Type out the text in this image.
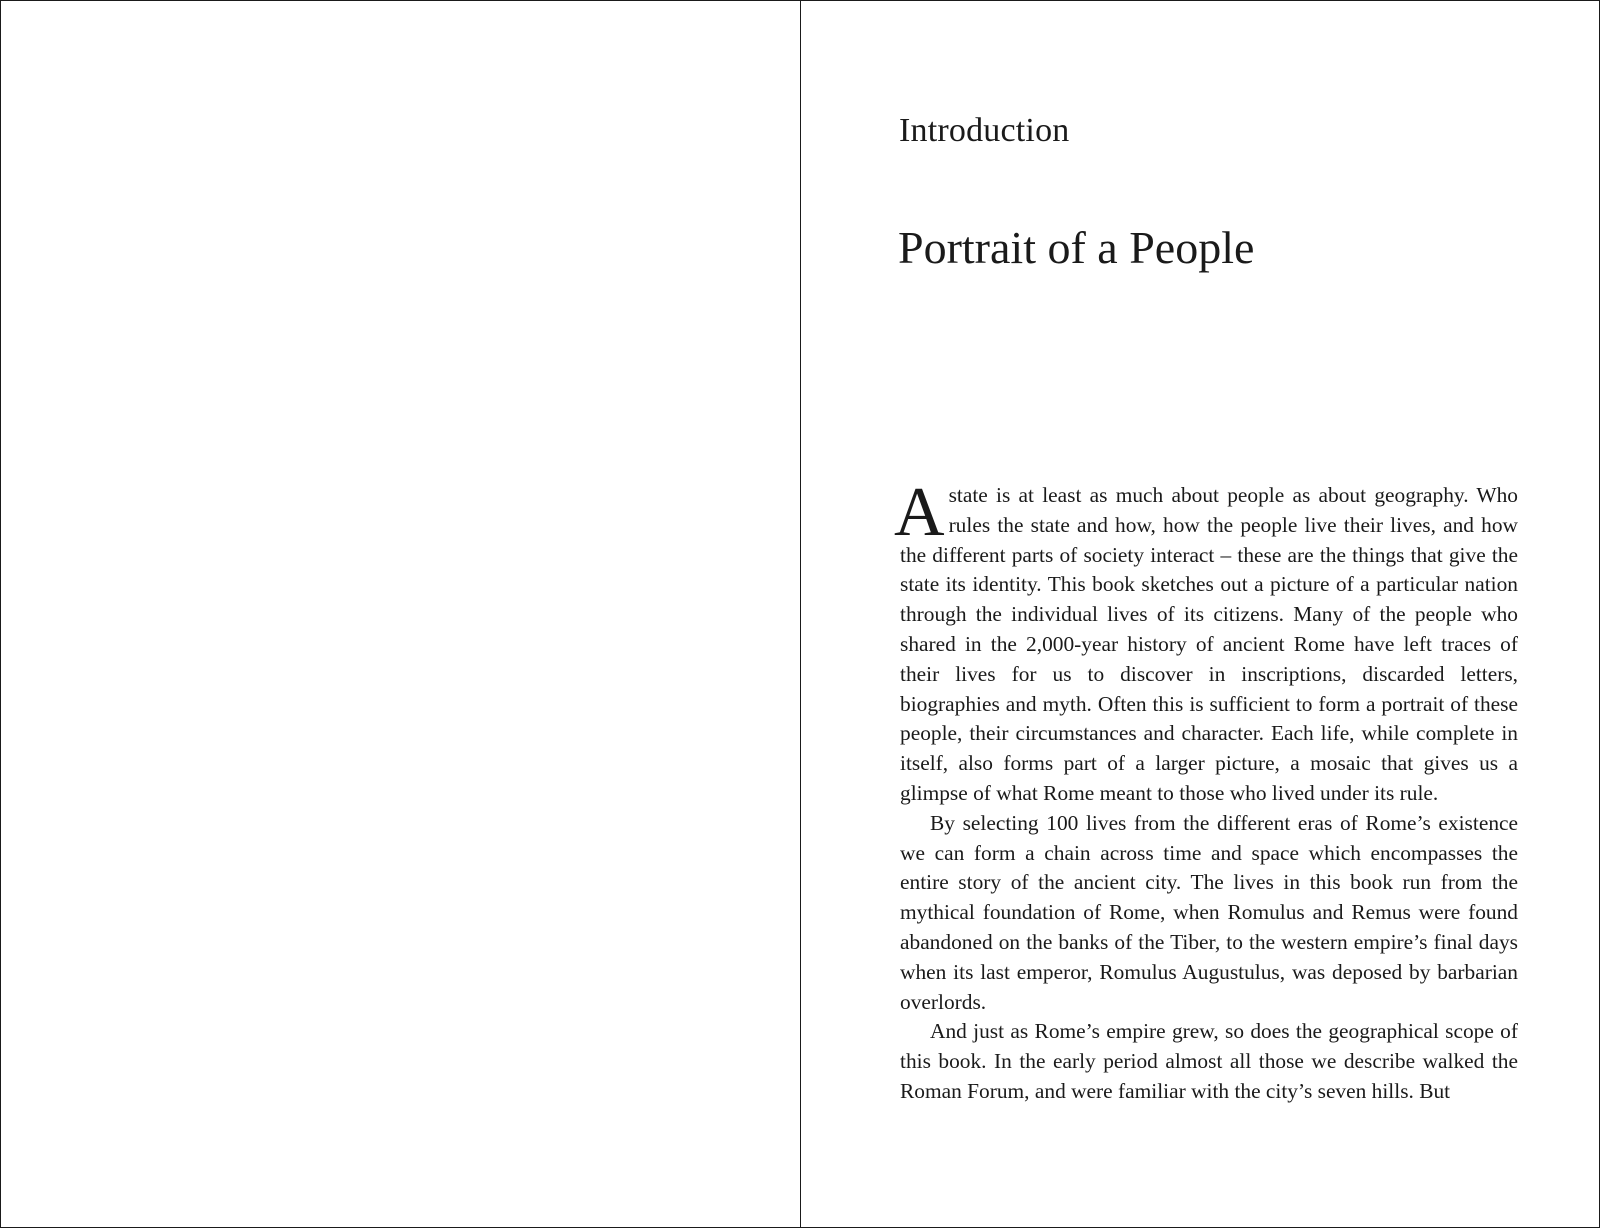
Introduction
Portrait of a People

A state is at least as much about people as about geography. Who rules the state and how, how the people live their lives, and how the different parts of society interact – these are the things that give the state its identity. This book sketches out a picture of a particular nation through the individual lives of its citizens. Many of the people who shared in the 2,000-year history of ancient Rome have left traces of their lives for us to discover in inscriptions, discarded letters, biographies and myth. Often this is sufficient to form a portrait of these people, their circumstances and character. Each life, while complete in itself, also forms part of a larger picture, a mosaic that gives us a glimpse of what Rome meant to those who lived under its rule.

By selecting 100 lives from the different eras of Rome’s existence we can form a chain across time and space which encompasses the entire story of the ancient city. The lives in this book run from the mythical foundation of Rome, when Romulus and Remus were found abandoned on the banks of the Tiber, to the western empire’s final days when its last emperor, Romulus Augustulus, was deposed by barbarian overlords.

And just as Rome’s empire grew, so does the geographical scope of this book. In the early period almost all those we describe walked the Roman Forum, and were familiar with the city’s seven hills. But
